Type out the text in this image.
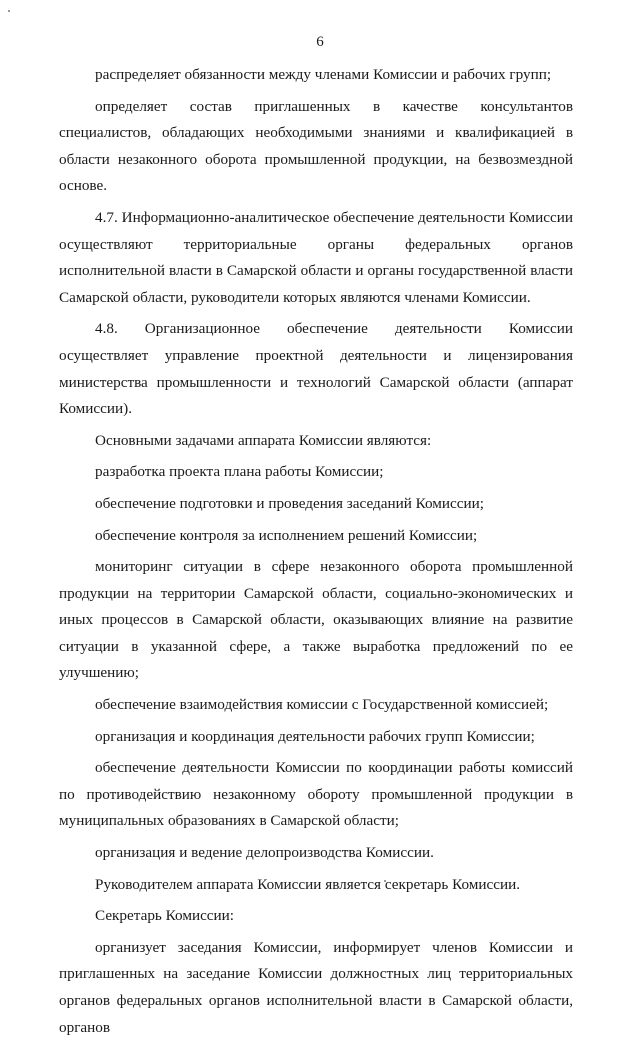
6

распределяет обязанности между членами Комиссии и рабочих групп;

определяет состав приглашенных в качестве консультантов специалистов, обладающих необходимыми знаниями и квалификацией в области незаконного оборота промышленной продукции, на безвозмездной основе.

4.7. Информационно-аналитическое обеспечение деятельности Комиссии осуществляют территориальные органы федеральных органов исполнительной власти в Самарской области и органы государственной власти Самарской области, руководители которых являются членами Комиссии.

4.8. Организационное обеспечение деятельности Комиссии осуществляет управление проектной деятельности и лицензирования министерства промышленности и технологий Самарской области (аппарат Комиссии).

Основными задачами аппарата Комиссии являются:

разработка проекта плана работы Комиссии;

обеспечение подготовки и проведения заседаний Комиссии;

обеспечение контроля за исполнением решений Комиссии;

мониторинг ситуации в сфере незаконного оборота промышленной продукции на территории Самарской области, социально-экономических и иных процессов в Самарской области, оказывающих влияние на развитие ситуации в указанной сфере, а также выработка предложений по ее улучшению;

обеспечение взаимодействия комиссии с Государственной комиссией;

организация и координация деятельности рабочих групп Комиссии;

обеспечение деятельности Комиссии по координации работы комиссий по противодействию незаконному обороту промышленной продукции в муниципальных образованиях в Самарской области;

организация и ведение делопроизводства Комиссии.

Руководителем аппарата Комиссии является секретарь Комиссии.

Секретарь Комиссии:

организует заседания Комиссии, информирует членов Комиссии и приглашенных на заседание Комиссии должностных лиц территориальных органов федеральных органов исполнительной власти в Самарской области, органов
